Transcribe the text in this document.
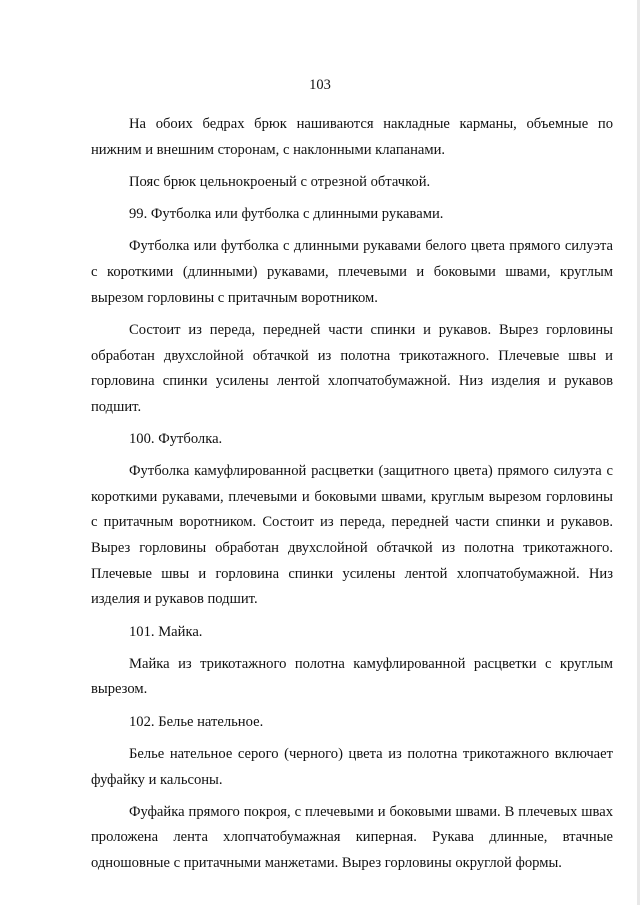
103

На обоих бедрах брюк нашиваются накладные карманы, объемные по нижним и внешним сторонам, с наклонными клапанами.

Пояс брюк цельнокроеный с отрезной обтачкой.

99. Футболка или футболка с длинными рукавами.

Футболка или футболка с длинными рукавами белого цвета прямого силуэта с короткими (длинными) рукавами, плечевыми и боковыми швами, круглым вырезом горловины с притачным воротником.

Состоит из переда, передней части спинки и рукавов. Вырез горловины обработан двухслойной обтачкой из полотна трикотажного. Плечевые швы и горловина спинки усилены лентой хлопчатобумажной. Низ изделия и рукавов подшит.

100. Футболка.

Футболка камуфлированной расцветки (защитного цвета) прямого силуэта с короткими рукавами, плечевыми и боковыми швами, круглым вырезом горловины с притачным воротником. Состоит из переда, передней части спинки и рукавов. Вырез горловины обработан двухслойной обтачкой из полотна трикотажного. Плечевые швы и горловина спинки усилены лентой хлопчатобумажной. Низ изделия и рукавов подшит.

101. Майка.

Майка из трикотажного полотна камуфлированной расцветки с круглым вырезом.

102. Белье нательное.

Белье нательное серого (черного) цвета из полотна трикотажного включает фуфайку и кальсоны.

Фуфайка прямого покроя, с плечевыми и боковыми швами. В плечевых швах проложена лента хлопчатобумажная киперная. Рукава длинные, втачные одношовные с притачными манжетами. Вырез горловины округлой формы.
